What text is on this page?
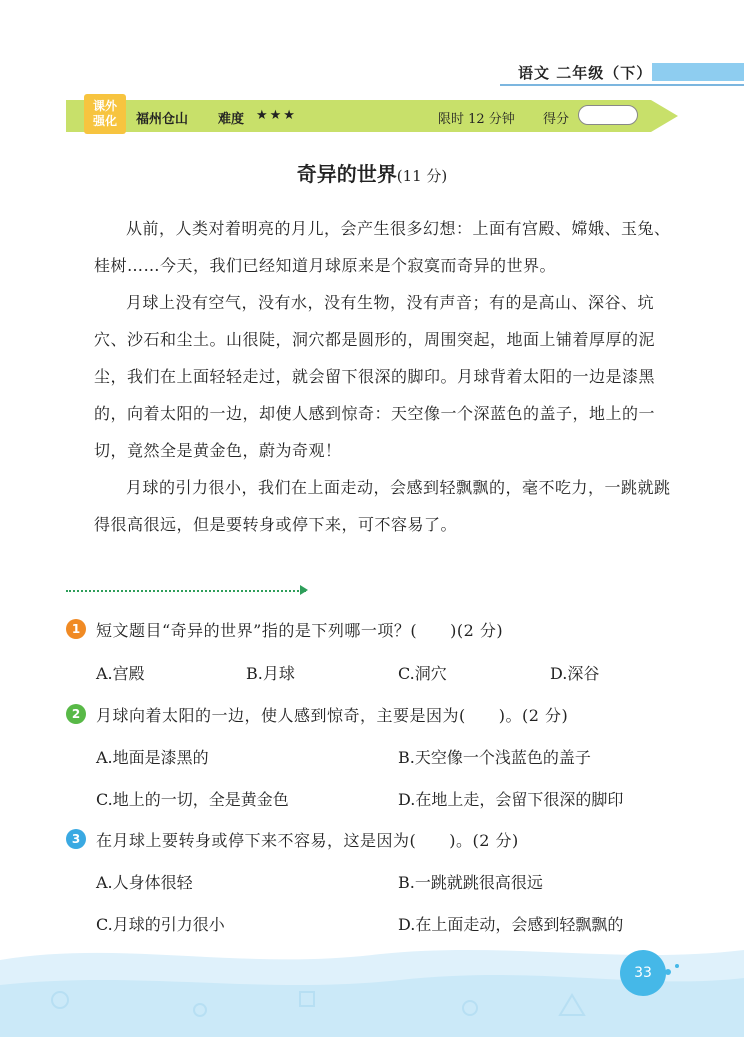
语文 二年级（下）
课外
强化	福州仓山 难度 ★★★	限时 12 分钟 得分
奇异的世界(11 分)

从前，人类对着明亮的月儿，会产生很多幻想：上面有宫殿、嫦娥、玉兔、桂树……今天，我们已经知道月球原来是个寂寞而奇异的世界。

月球上没有空气，没有水，没有生物，没有声音；有的是高山、深谷、坑穴、沙石和尘土。山很陡，洞穴都是圆形的，周围突起，地面上铺着厚厚的泥尘，我们在上面轻轻走过，就会留下很深的脚印。月球背着太阳的一边是漆黑的，向着太阳的一边，却使人感到惊奇：天空像一个深蓝色的盖子，地上的一切，竟然全是黄金色，蔚为奇观！

月球的引力很小，我们在上面走动，会感到轻飘飘的，毫不吃力，一跳就跳得很高很远，但是要转身或停下来，可不容易了。

1 短文题目“奇异的世界”指的是下列哪一项？(　　)(2 分)
A.宫殿	B.月球	C.洞穴	D.深谷
2 月球向着太阳的一边，使人感到惊奇，主要是因为(　　)。(2 分)
A.地面是漆黑的	B.天空像一个浅蓝色的盖子
C.地上的一切，全是黄金色	D.在地上走，会留下很深的脚印
3 在月球上要转身或停下来不容易，这是因为(　　)。(2 分)
A.人身体很轻	B.一跳就跳很高很远
C.月球的引力很小	D.在上面走动，会感到轻飘飘的
33
